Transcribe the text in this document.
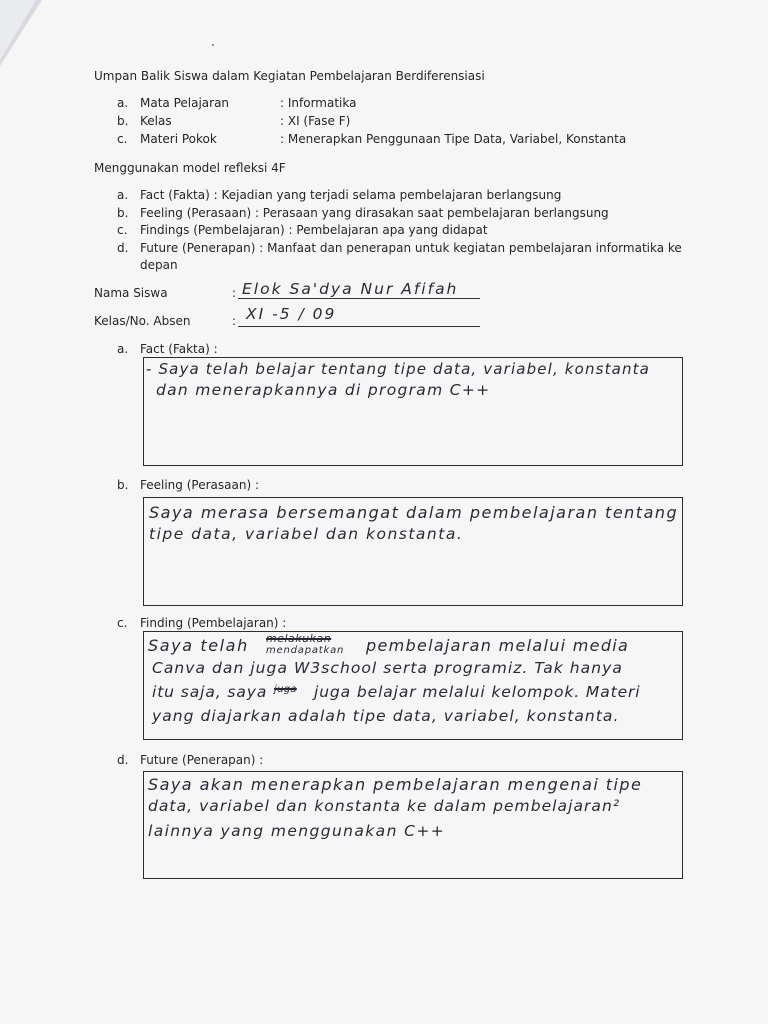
Umpan Balik Siswa dalam Kegiatan Pembelajaran Berdiferensiasi
a. Mata Pelajaran	: Informatika
b. Kelas	: XI (Fase F)
c. Materi Pokok	: Menerapkan Penggunaan Tipe Data, Variabel, Konstanta
Menggunakan model refleksi 4F
a. Fact (Fakta) : Kejadian yang terjadi selama pembelajaran berlangsung
b. Feeling (Perasaan) : Perasaan yang dirasakan saat pembelajaran berlangsung
c. Findings (Pembelajaran) : Pembelajaran apa yang didapat
d. Future (Penerapan) : Manfaat dan penerapan untuk kegiatan pembelajaran informatika ke
depan
Nama Siswa	: Elok Sa'dya Nur Afifah
Kelas/No. Absen	: XI -5 / 09
a. Fact (Fakta) :
- Saya telah belajar tentang tipe data, variabel, konstanta
dan menerapkannya di program C++
b. Feeling (Perasaan) :
Saya merasa bersemangat dalam pembelajaran tentang
tipe data, variabel dan konstanta.
c. Finding (Pembelajaran) :
Saya telah melakukan
mendapatkan pembelajaran melalui media
Canva dan juga W3school serta programiz. Tak hanya
itu saja, saya juga juga belajar melalui kelompok. Materi
yang diajarkan adalah tipe data, variabel, konstanta.
d. Future (Penerapan) :
Saya akan menerapkan pembelajaran mengenai tipe
data, variabel dan konstanta ke dalam pembelajaran²
lainnya yang menggunakan C++
